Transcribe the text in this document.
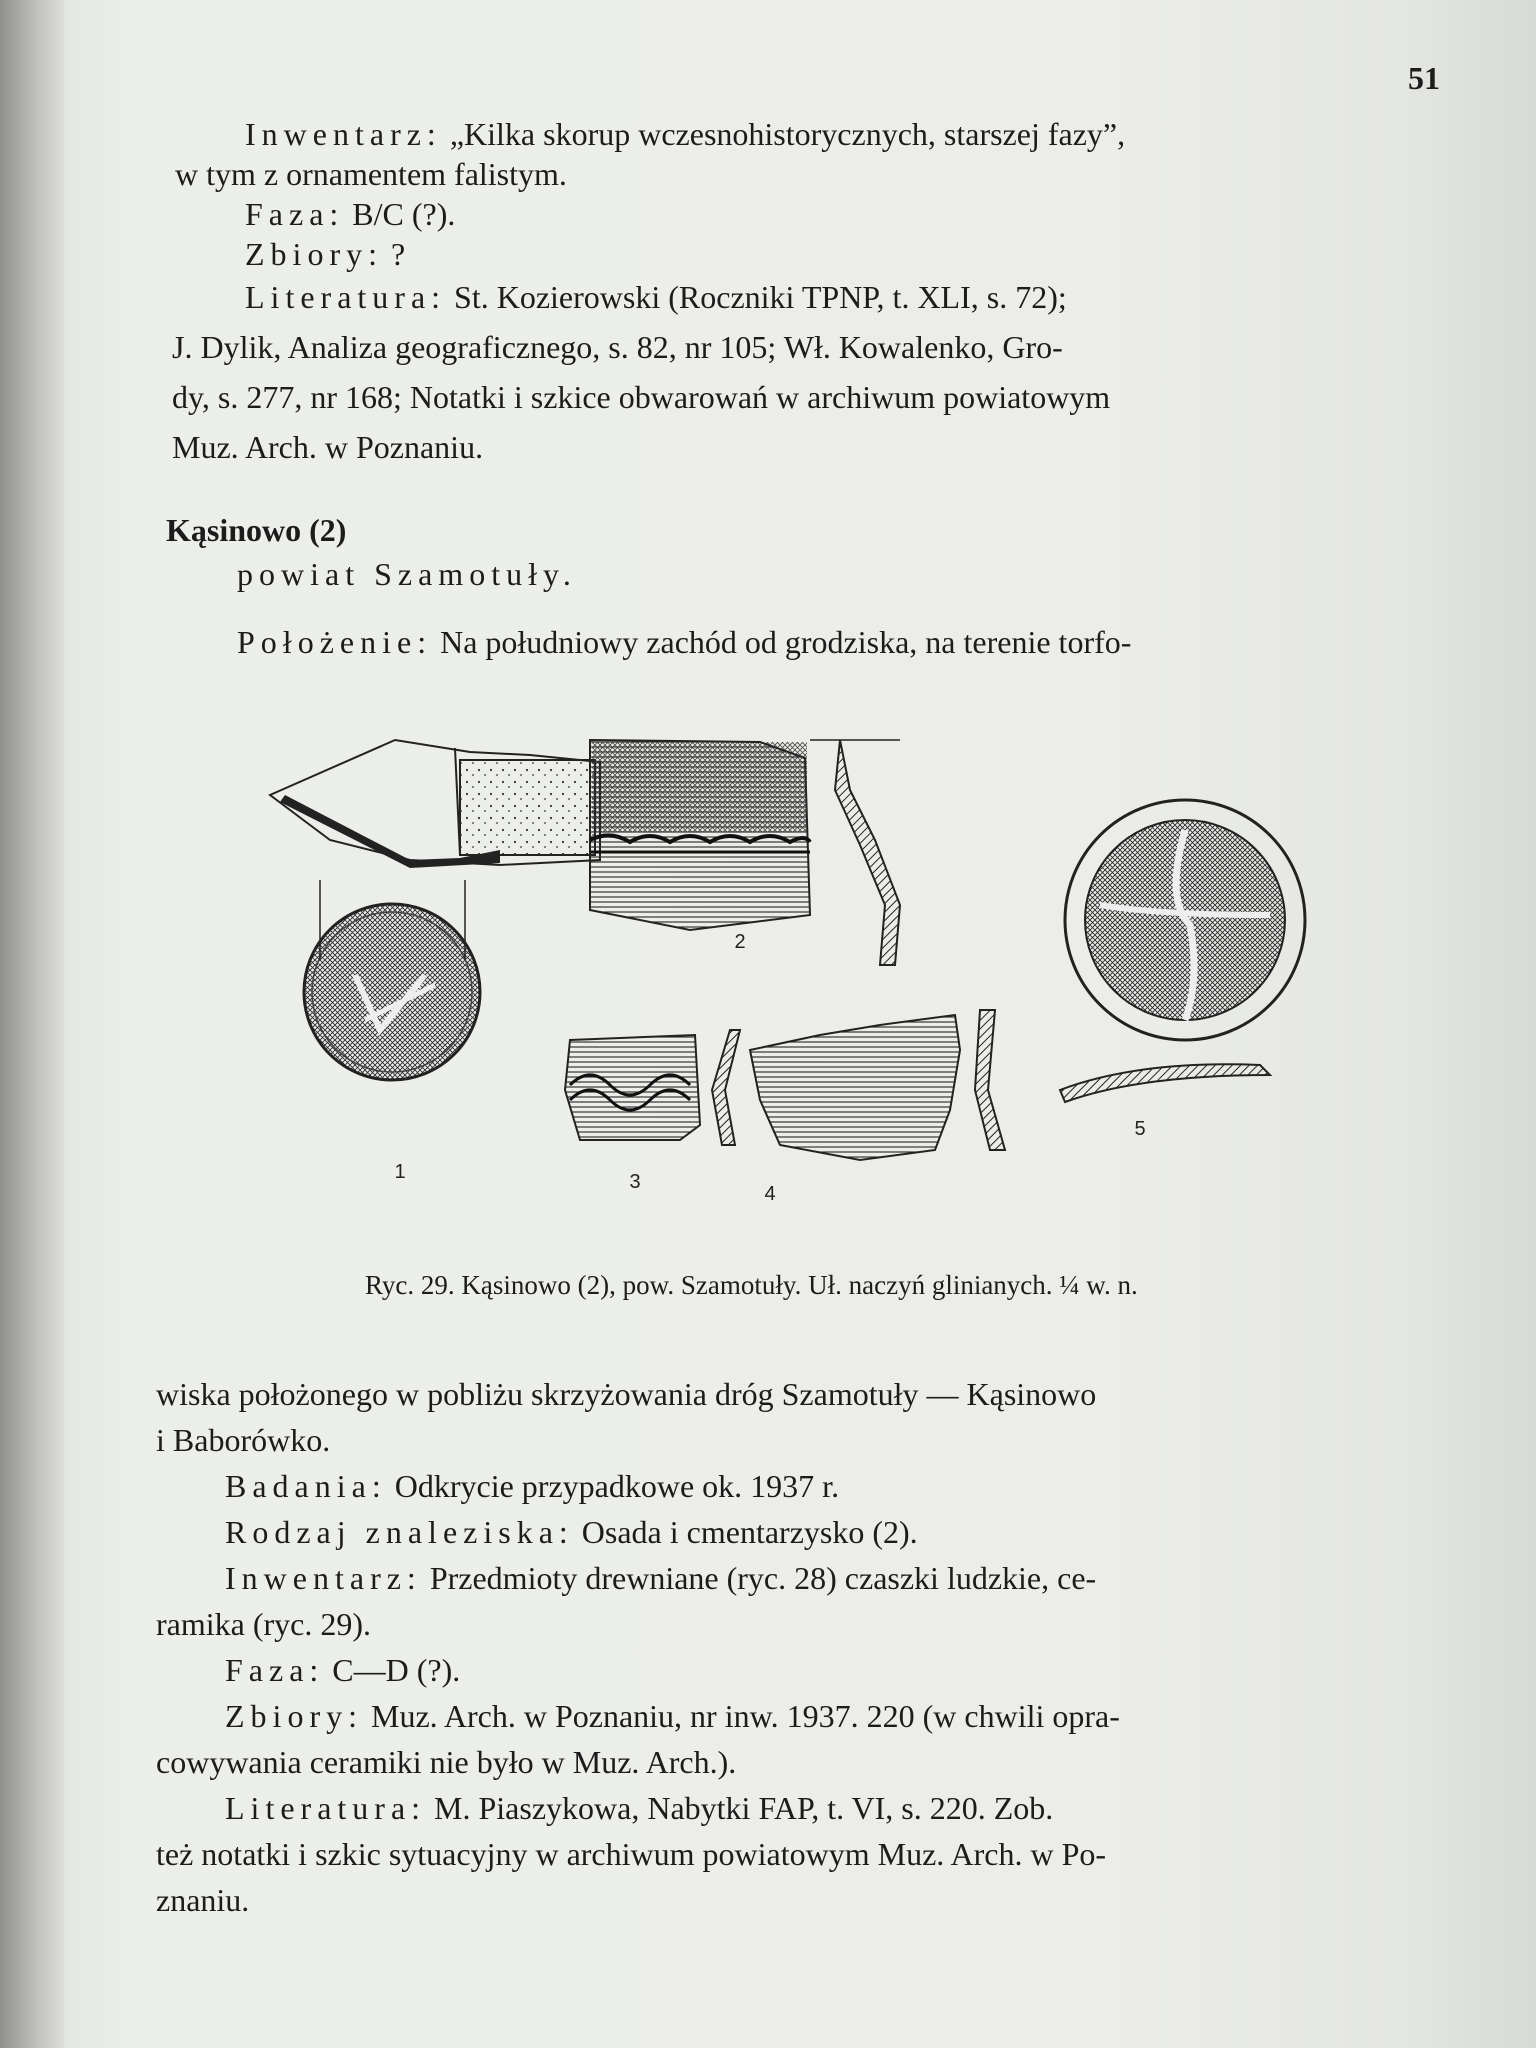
51
Inwentarz: „Kilka skorup wczesnohistorycznych, starszej fazy”,
w tym z ornamentem falistym.
Faza: B/C (?).
Zbiory: ?
Literatura: St. Kozierowski (Roczniki TPNP, t. XLI, s. 72);
J. Dylik, Analiza geograficznego, s. 82, nr 105; Wł. Kowalenko, Gro-
dy, s. 277, nr 168; Notatki i szkice obwarowań w archiwum powiatowym
Muz. Arch. w Poznaniu.
Kąsinowo (2)
powiat Szamotuły.
Położenie: Na południowy zachód od grodziska, na terenie torfo-
1
2
3
4
5
Ryc. 29. Kąsinowo (2), pow. Szamotuły. Uł. naczyń glinianych. ¼ w. n.
wiska położonego w pobliżu skrzyżowania dróg Szamotuły — Kąsinowo
i Baborówko.
Badania: Odkrycie przypadkowe ok. 1937 r.
Rodzaj znaleziska: Osada i cmentarzysko (2).
Inwentarz: Przedmioty drewniane (ryc. 28) czaszki ludzkie, ce-
ramika (ryc. 29).
Faza: C—D (?).
Zbiory: Muz. Arch. w Poznaniu, nr inw. 1937. 220 (w chwili opra-
cowywania ceramiki nie było w Muz. Arch.).
Literatura: M. Piaszykowa, Nabytki FAP, t. VI, s. 220. Zob.
też notatki i szkic sytuacyjny w archiwum powiatowym Muz. Arch. w Po-
znaniu.
